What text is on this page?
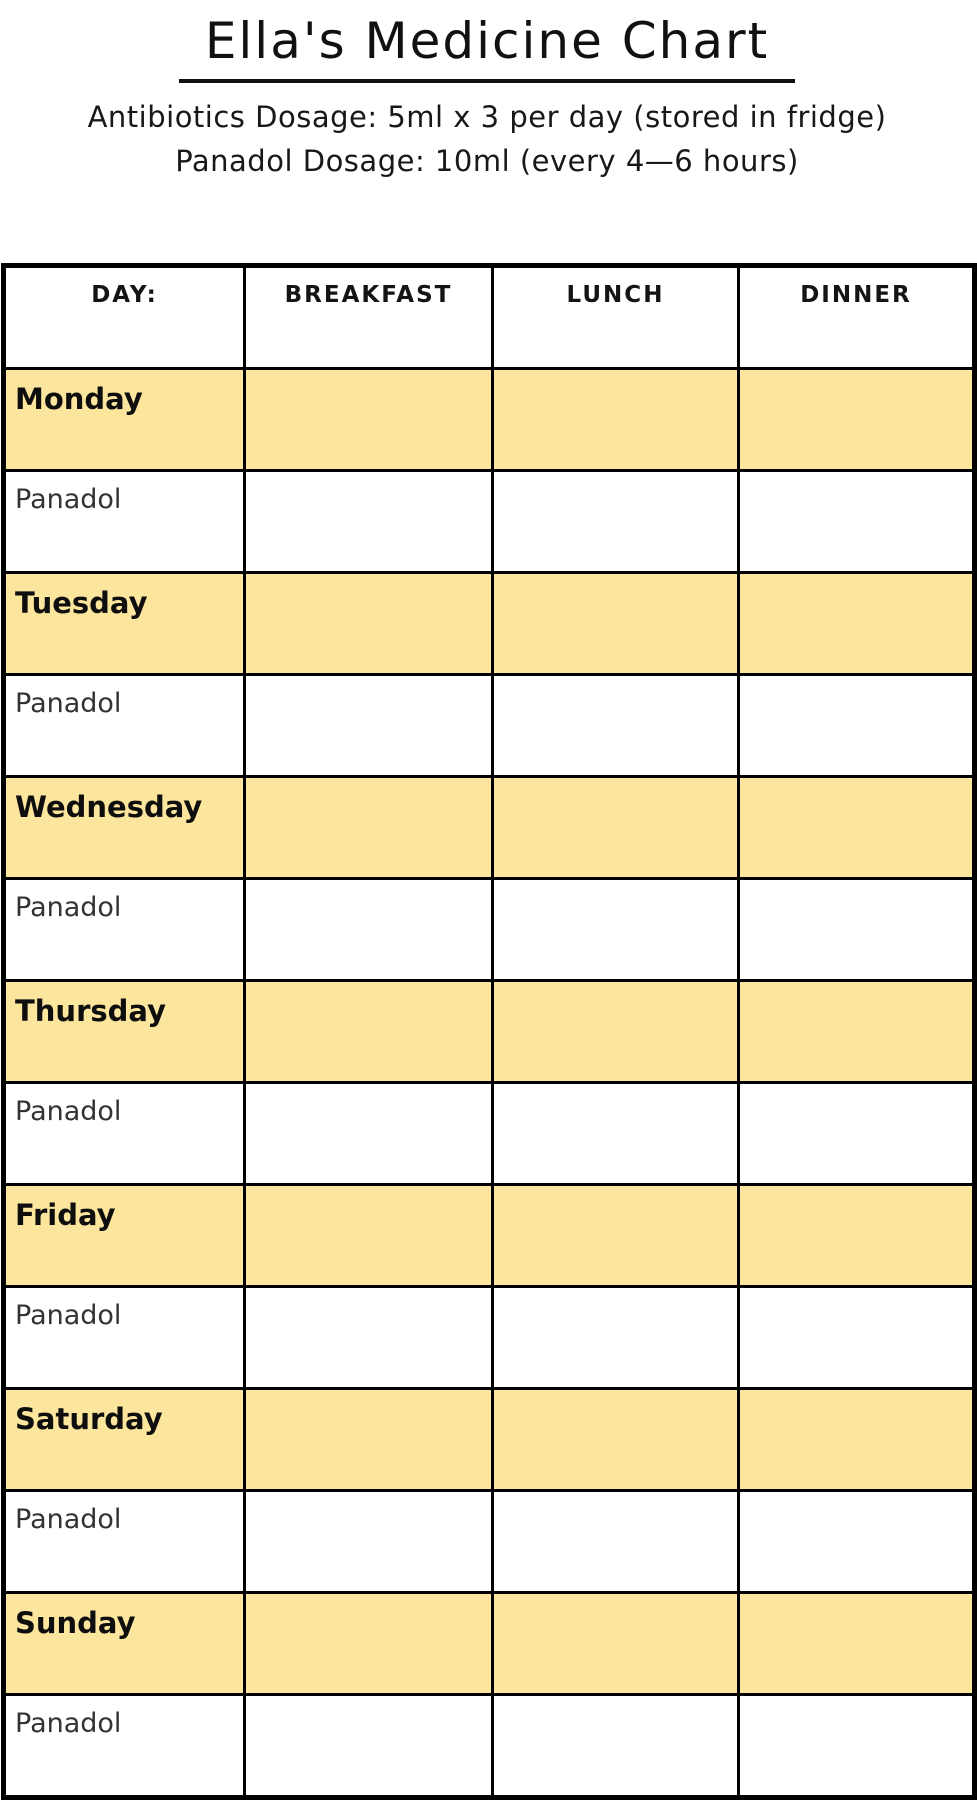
Ella's Medicine Chart
Antibiotics Dosage: 5ml x 3 per day (stored in fridge)
Panadol Dosage: 10ml (every 4—6 hours)
DAY:	BREAKFAST	LUNCH	DINNER
Monday			
Panadol			
Tuesday			
Panadol			
Wednesday			
Panadol			
Thursday			
Panadol			
Friday			
Panadol			
Saturday			
Panadol			
Sunday			
Panadol			
